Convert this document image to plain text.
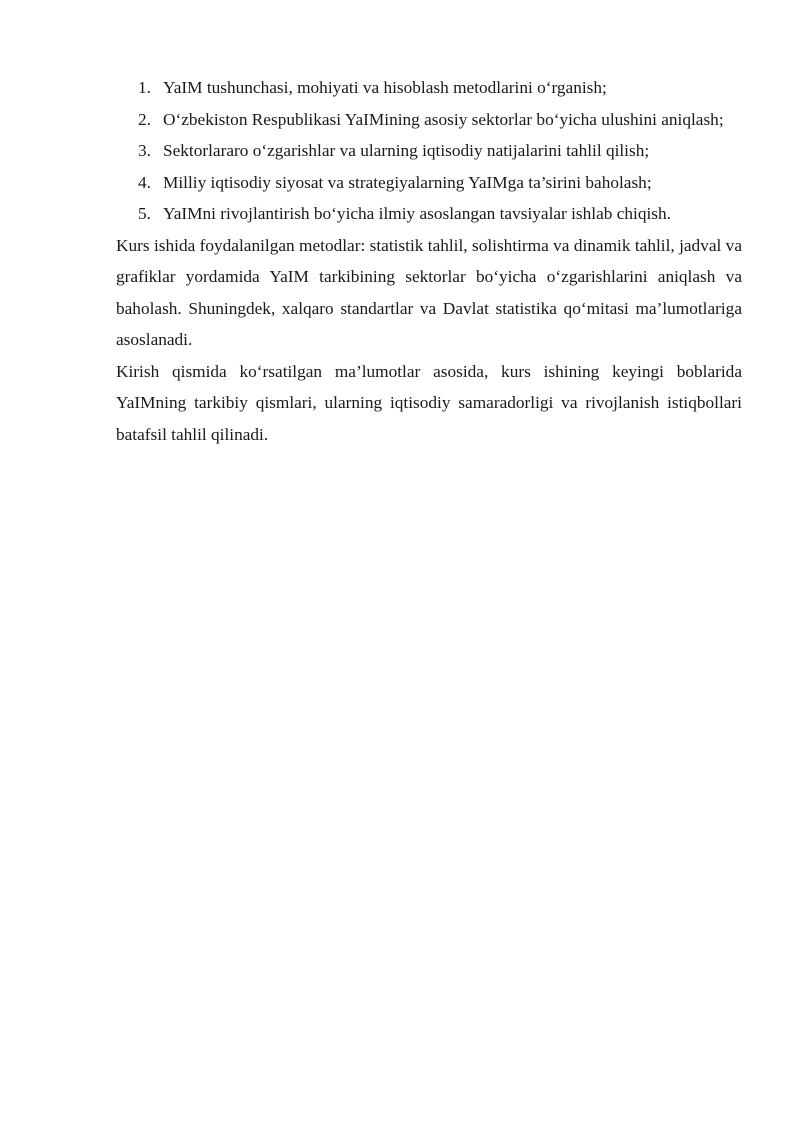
1. YaIM tushunchasi, mohiyati va hisoblash metodlarini o‘rganish;
2. O‘zbekiston Respublikasi YaIMining asosiy sektorlar bo‘yicha ulushini aniqlash;
3. Sektorlararo o‘zgarishlar va ularning iqtisodiy natijalarini tahlil qilish;
4. Milliy iqtisodiy siyosat va strategiyalarning YaIMga ta’sirini baholash;
5. YaIMni rivojlantirish bo‘yicha ilmiy asoslangan tavsiyalar ishlab chiqish.

Kurs ishida foydalanilgan metodlar: statistik tahlil, solishtirma va dinamik tahlil, jadval va grafiklar yordamida YaIM tarkibining sektorlar bo‘yicha o‘zgarishlarini aniqlash va baholash. Shuningdek, xalqaro standartlar va Davlat statistika qo‘mitasi ma’lumotlariga asoslanadi.

Kirish qismida ko‘rsatilgan ma’lumotlar asosida, kurs ishining keyingi boblarida YaIMning tarkibiy qismlari, ularning iqtisodiy samaradorligi va rivojlanish istiqbollari batafsil tahlil qilinadi.
